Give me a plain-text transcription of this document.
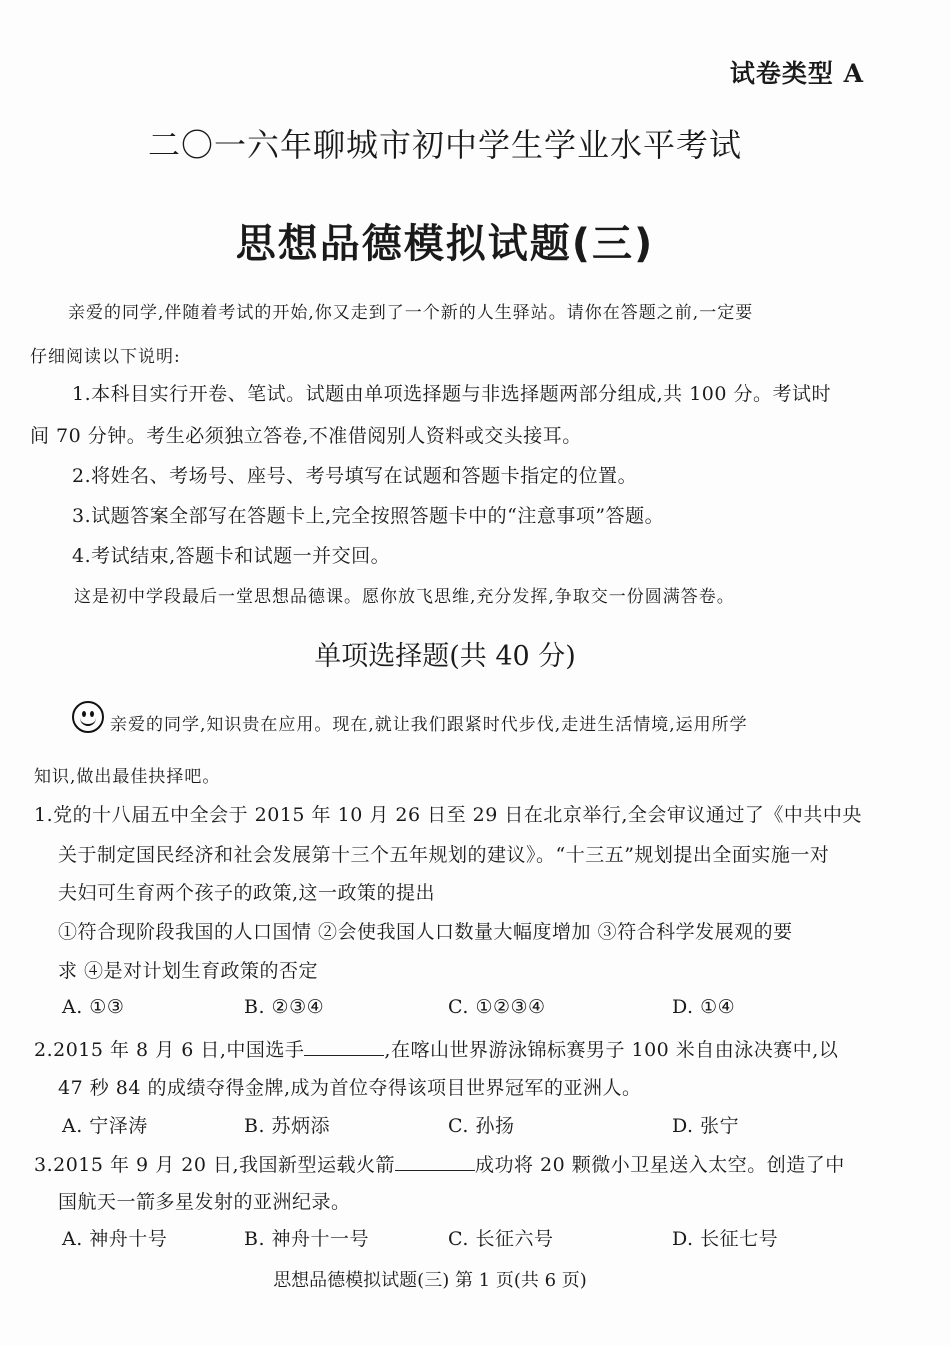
试卷类型 A
二〇一六年聊城市初中学生学业水平考试
思想品德模拟试题(三)
亲爱的同学,伴随着考试的开始,你又走到了一个新的人生驿站。请你在答题之前,一定要
仔细阅读以下说明:
1.本科目实行开卷、笔试。试题由单项选择题与非选择题两部分组成,共 100 分。考试时
间 70 分钟。考生必须独立答卷,不准借阅别人资料或交头接耳。
2.将姓名、考场号、座号、考号填写在试题和答题卡指定的位置。
3.试题答案全部写在答题卡上,完全按照答题卡中的“注意事项”答题。
4.考试结束,答题卡和试题一并交回。
这是初中学段最后一堂思想品德课。愿你放飞思维,充分发挥,争取交一份圆满答卷。
单项选择题(共 40 分)
亲爱的同学,知识贵在应用。现在,就让我们跟紧时代步伐,走进生活情境,运用所学
知识,做出最佳抉择吧。
1.党的十八届五中全会于 2015 年 10 月 26 日至 29 日在北京举行,全会审议通过了《中共中央
关于制定国民经济和社会发展第十三个五年规划的建议》。“十三五”规划提出全面实施一对
夫妇可生育两个孩子的政策,这一政策的提出
①符合现阶段我国的人口国情 ②会使我国人口数量大幅度增加 ③符合科学发展观的要
求 ④是对计划生育政策的否定
A. ①③	B. ②③④	C. ①②③④	D. ①④
2.2015 年 8 月 6 日,中国选手	,在喀山世界游泳锦标赛男子 100 米自由泳决赛中,以
47 秒 84 的成绩夺得金牌,成为首位夺得该项目世界冠军的亚洲人。
A. 宁泽涛	B. 苏炳添	C. 孙扬	D. 张宁
3.2015 年 9 月 20 日,我国新型运载火箭	成功将 20 颗微小卫星送入太空。创造了中
国航天一箭多星发射的亚洲纪录。
A. 神舟十号	B. 神舟十一号	C. 长征六号	D. 长征七号
思想品德模拟试题(三) 第 1 页(共 6 页)
